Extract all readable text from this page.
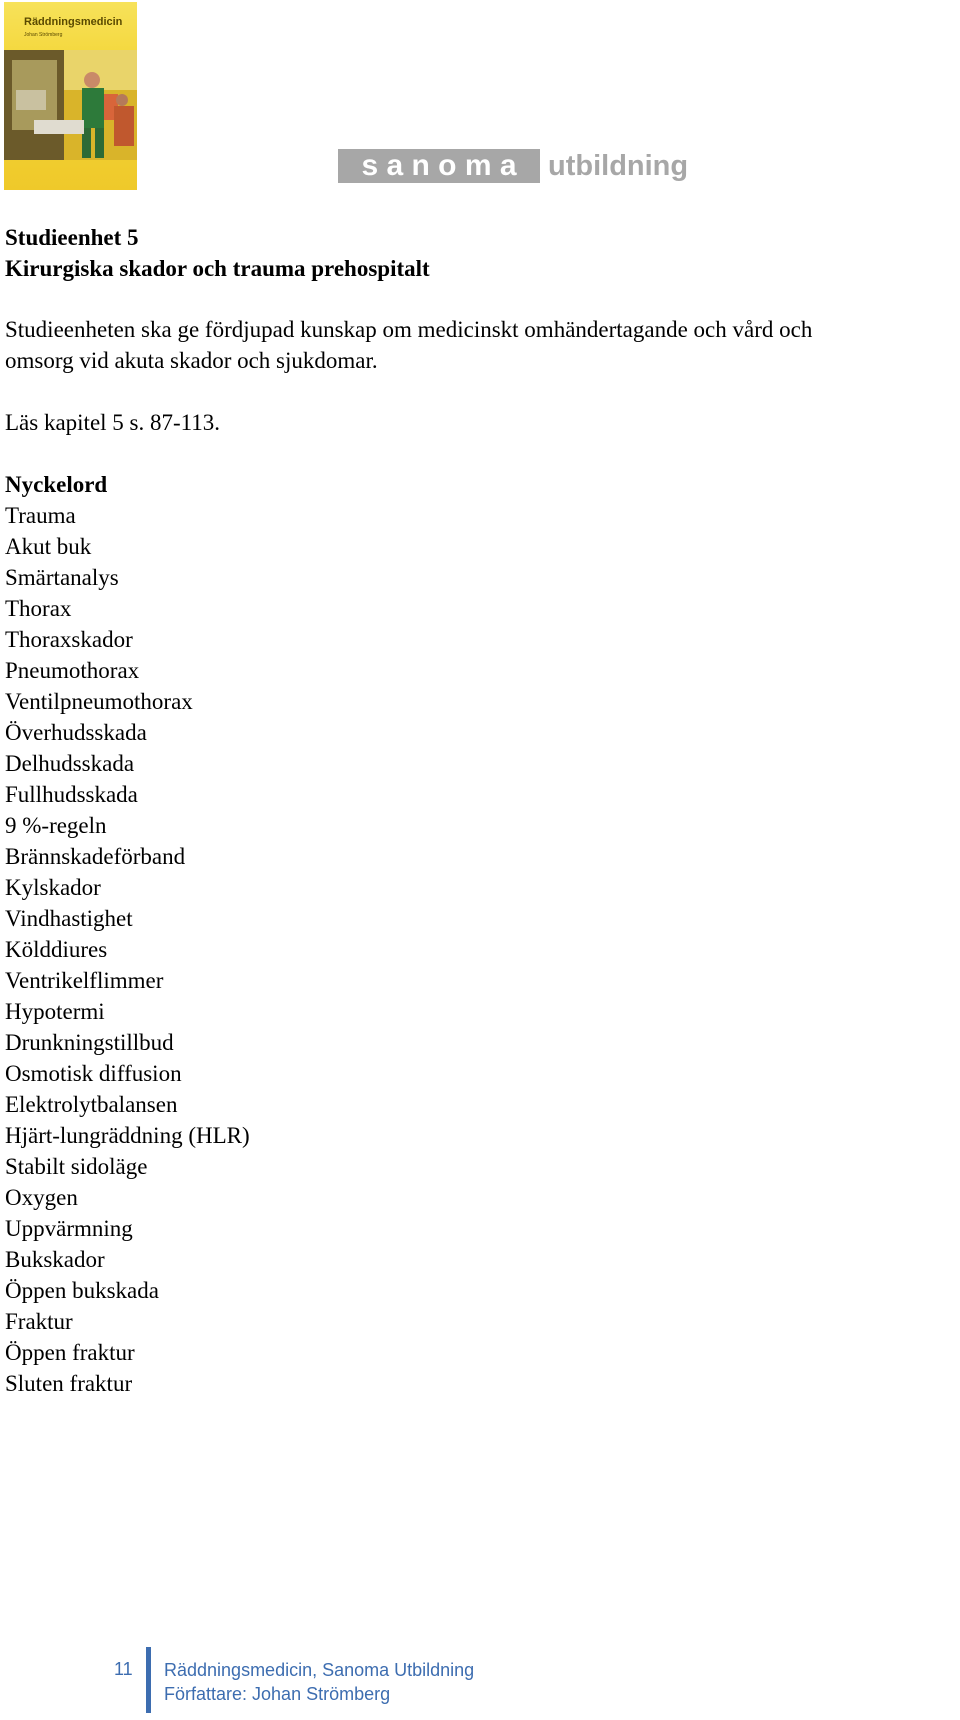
Räddningsmedicin
Johan Strömberg
s a n o m a	utbildning

Studieenhet 5

Kirurgiska skador och trauma prehospitalt

Studieenheten ska ge fördjupad kunskap om medicinskt omhändertagande och vård och

omsorg vid akuta skador och sjukdomar.

Läs kapitel 5 s. 87-113.

Nyckelord

Trauma
Akut buk
Smärtanalys
Thorax
Thoraxskador
Pneumothorax
Ventilpneumothorax
Överhudsskada
Delhudsskada
Fullhudsskada
9 %-regeln
Brännskadeförband
Kylskador
Vindhastighet
Kölddiures
Ventrikelflimmer
Hypotermi
Drunkningstillbud
Osmotisk diffusion
Elektrolytbalansen
Hjärt-lungräddning (HLR)
Stabilt sidoläge
Oxygen
Uppvärmning
Bukskador
Öppen bukskada
Fraktur
Öppen fraktur
Sluten fraktur
11	Räddningsmedicin, Sanoma Utbildning
Författare: Johan Strömberg
